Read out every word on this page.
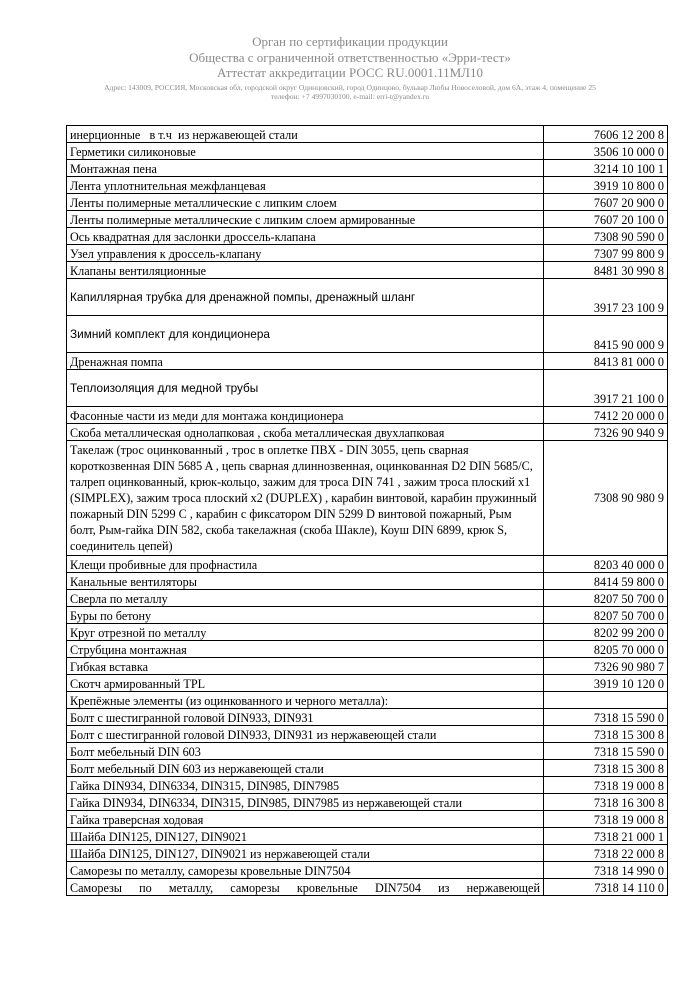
Орган по сертификации продукции
Общества с ограниченной ответственностью «Эрри-тест»
Аттестат аккредитации РОСС RU.0001.11МЛ10
Адрес: 143009, РОССИЯ, Московская обл, городской округ Одинцовский, город Одинцово, бульвар Любы Новоселовой, дом 6А, этаж 4, помещение 25
телефон: +7 4997030100, e-mail: erri-t@yandex.ru
инерционные   в т.ч  из нержавеющей стали	7606 12 200 8
Герметики силиконовые	3506 10 000 0
Монтажная пена	3214 10 100 1
Лента уплотнительная межфланцевая	3919 10 800 0
Ленты полимерные металлические с липким слоем	7607 20 900 0
Ленты полимерные металлические с липким слоем армированные	7607 20 100 0
Ось квадратная для заслонки дроссель-клапана	7308 90 590 0
Узел управления к дроссель-клапану	7307 99 800 9
Клапаны вентиляционные	8481 30 990 8
Капиллярная трубка для дренажной помпы, дренажный шланг	3917 23 100 9
Зимний комплект для кондиционера	8415 90 000 9
Дренажная помпа	8413 81 000 0
Теплоизоляция для медной трубы	3917 21 100 0
Фасонные части из меди для монтажа кондиционера	7412 20 000 0
Скоба металлическая однолапковая , скоба металлическая двухлапковая	7326 90 940 9
Такелаж (трос оцинкованный , трос в оплетке ПВХ - DIN 3055, цепь сварная короткозвенная DIN 5685 A , цепь сварная длиннозвенная, оцинкованная D2 DIN 5685/C, талреп оцинкованный, крюк-кольцо, зажим для троса DIN 741 , зажим троса плоский x1 (SIMPLEX), зажим троса плоский x2 (DUPLEX) , карабин винтовой, карабин пружинный пожарный DIN 5299 C , карабин с фиксатором DIN 5299 D винтовой пожарный, Рым болт, Рым-гайка DIN 582, скоба такелажная (скоба Шакле), Коуш DIN 6899, крюк S, соединитель цепей)	7308 90 980 9
Клещи пробивные для профнастила	8203 40 000 0
Канальные вентиляторы	8414 59 800 0
Сверла по металлу	8207 50 700 0
Буры по бетону	8207 50 700 0
Круг отрезной по металлу	8202 99 200 0
Струбцина монтажная	8205 70 000 0
Гибкая вставка	7326 90 980 7
Скотч армированный TPL	3919 10 120 0
Крепёжные элементы (из оцинкованного и черного металла):	
Болт с шестигранной головой DIN933, DIN931	7318 15 590 0
Болт с шестигранной головой DIN933, DIN931 из нержавеющей стали	7318 15 300 8
Болт мебельный DIN 603	7318 15 590 0
Болт мебельный DIN 603 из нержавеющей стали	7318 15 300 8
Гайка DIN934, DIN6334, DIN315, DIN985, DIN7985	7318 19 000 8
Гайка DIN934, DIN6334, DIN315, DIN985, DIN7985 из нержавеющей стали	7318 16 300 8
Гайка траверсная ходовая	7318 19 000 8
Шайба DIN125, DIN127, DIN9021	7318 21 000 1
Шайба DIN125, DIN127, DIN9021 из нержавеющей стали	7318 22 000 8
Саморезы по металлу, саморезы кровельные DIN7504	7318 14 990 0
Саморезы по металлу, саморезы кровельные DIN7504 из нержавеющей	7318 14 110 0
